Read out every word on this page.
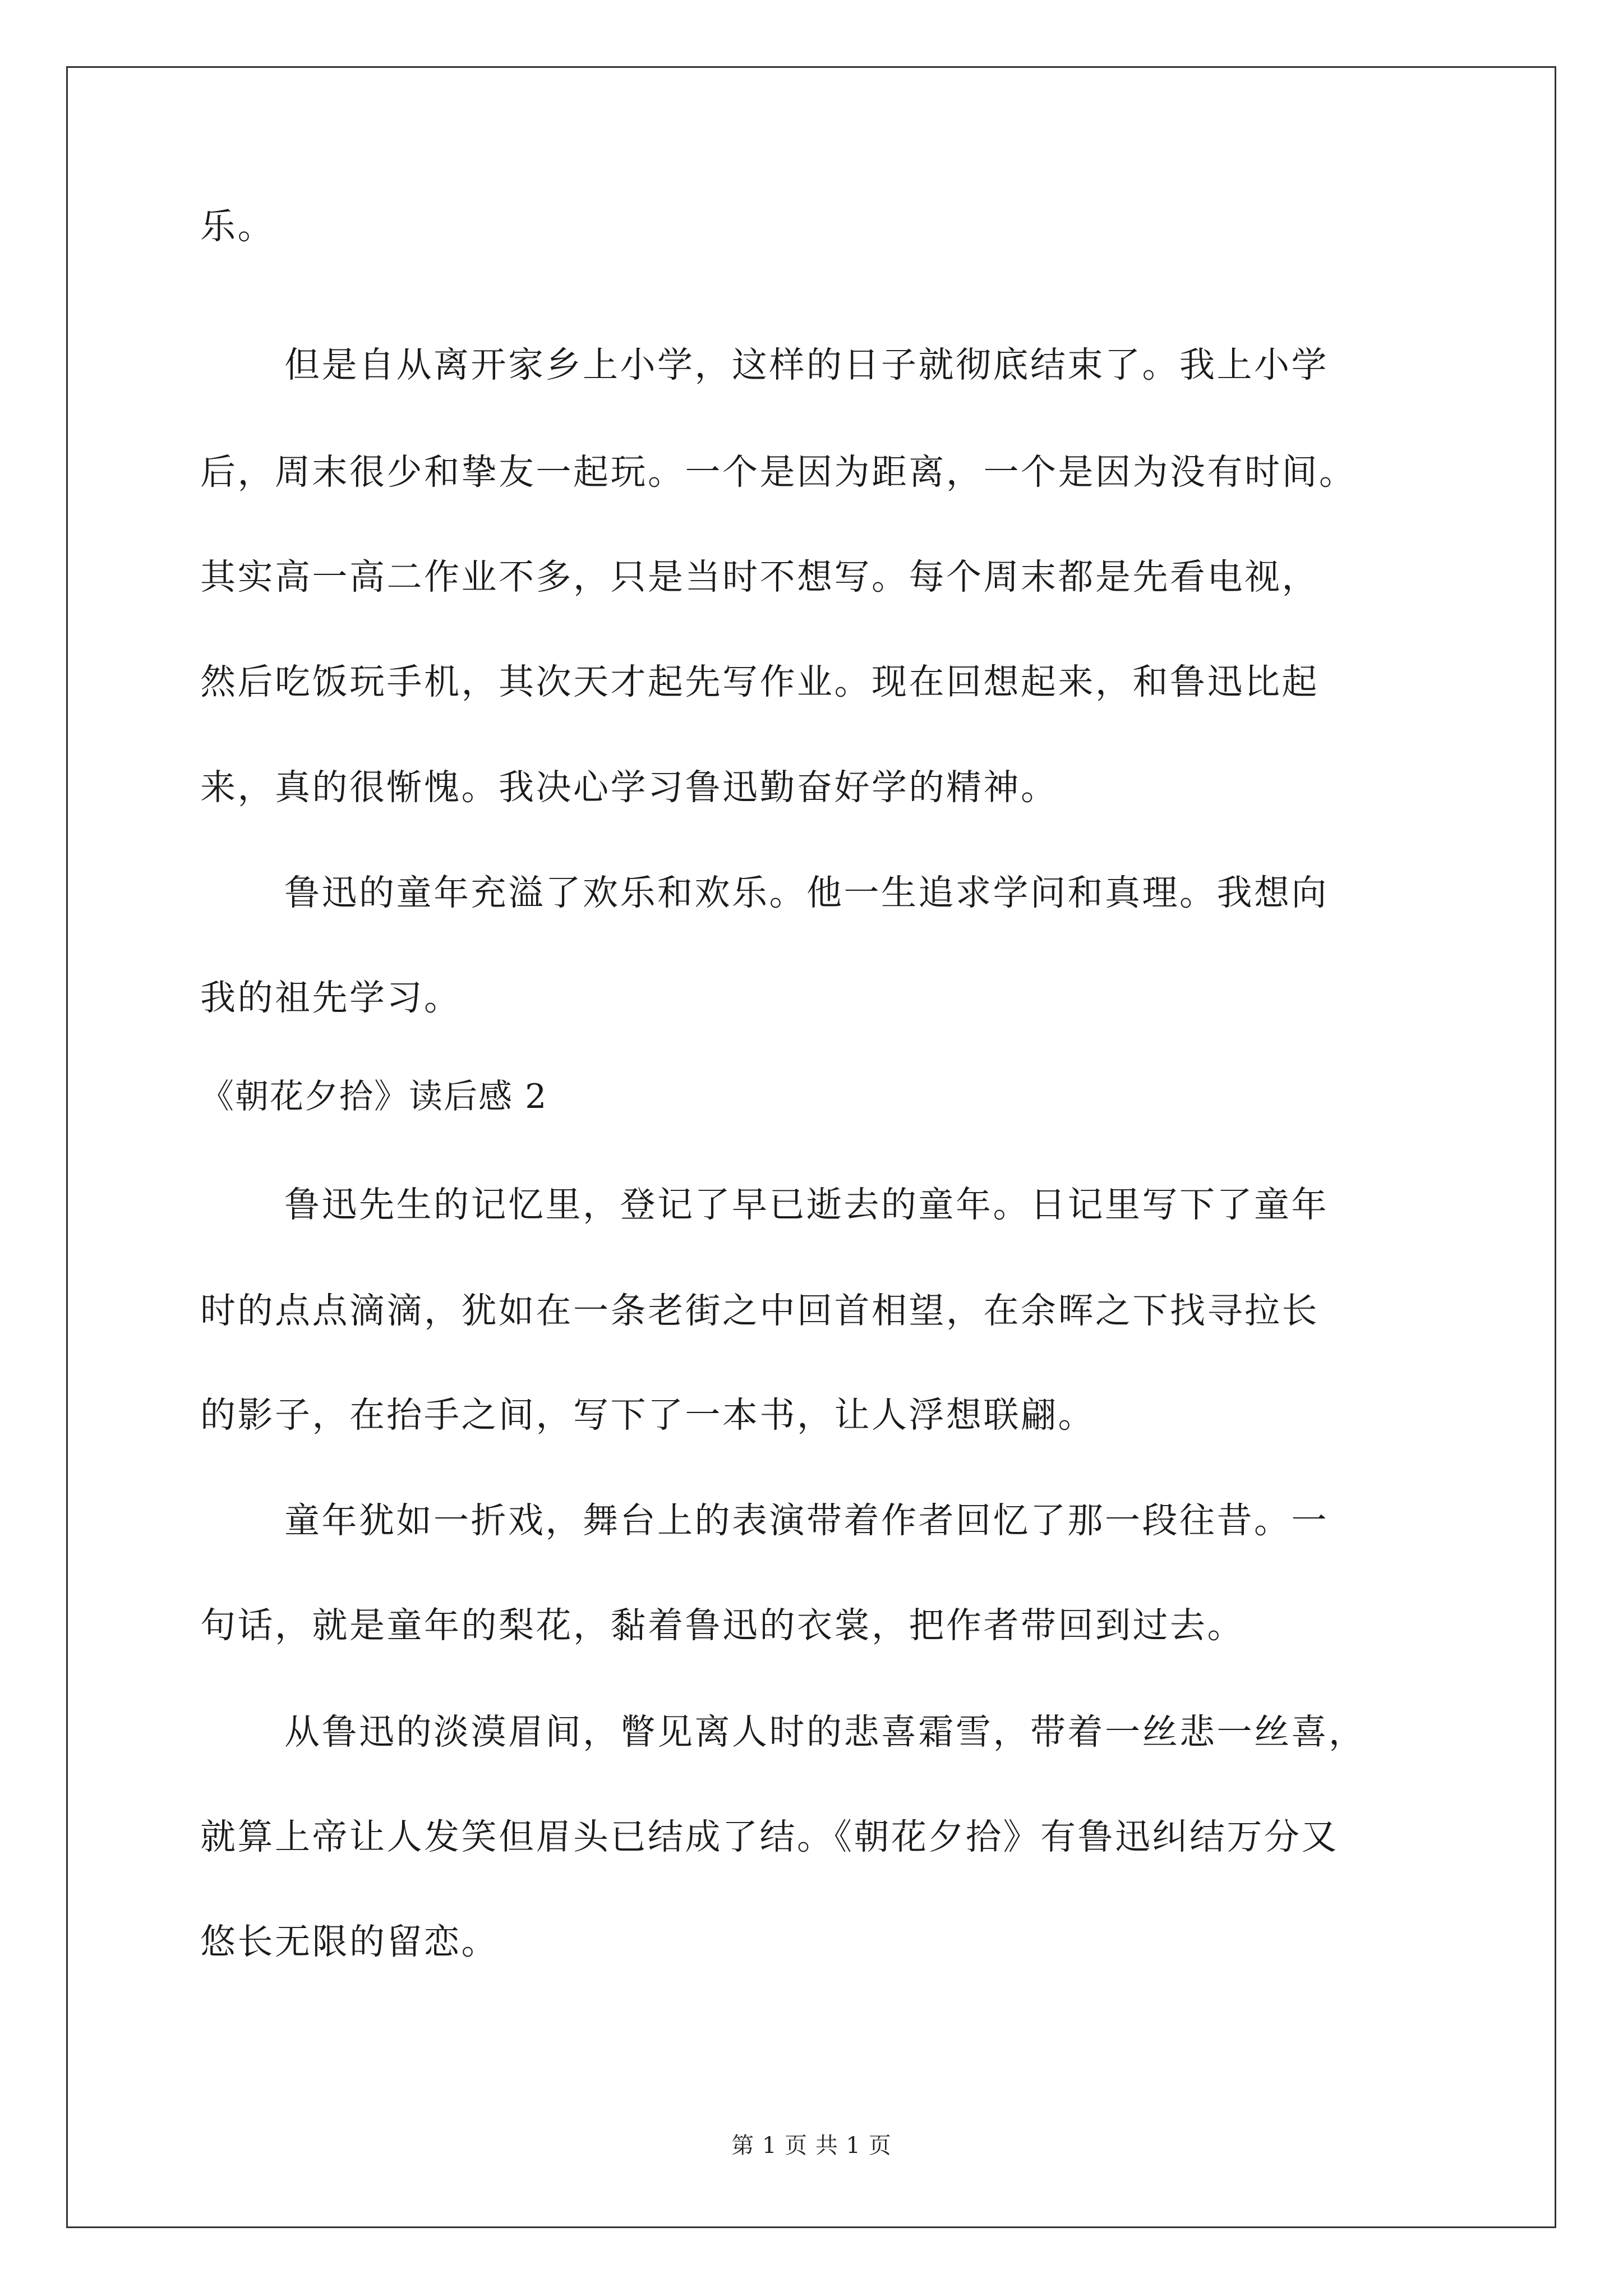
乐。
但是自从离开家乡上小学，这样的日子就彻底结束了。我上小学
后，周末很少和挚友一起玩。一个是因为距离，一个是因为没有时间。
其实高一高二作业不多，只是当时不想写。每个周末都是先看电视，
然后吃饭玩手机，其次天才起先写作业。现在回想起来，和鲁迅比起
来，真的很惭愧。我决心学习鲁迅勤奋好学的精神。
鲁迅的童年充溢了欢乐和欢乐。他一生追求学问和真理。我想向
我的祖先学习。
《朝花夕拾》读后感 2
鲁迅先生的记忆里，登记了早已逝去的童年。日记里写下了童年
时的点点滴滴，犹如在一条老街之中回首相望，在余晖之下找寻拉长
的影子，在抬手之间，写下了一本书，让人浮想联翩。
童年犹如一折戏，舞台上的表演带着作者回忆了那一段往昔。一
句话，就是童年的梨花，黏着鲁迅的衣裳，把作者带回到过去。
从鲁迅的淡漠眉间，瞥见离人时的悲喜霜雪，带着一丝悲一丝喜，
就算上帝让人发笑但眉头已结成了结。《朝花夕拾》有鲁迅纠结万分又
悠长无限的留恋。
第 1 页 共 1 页
